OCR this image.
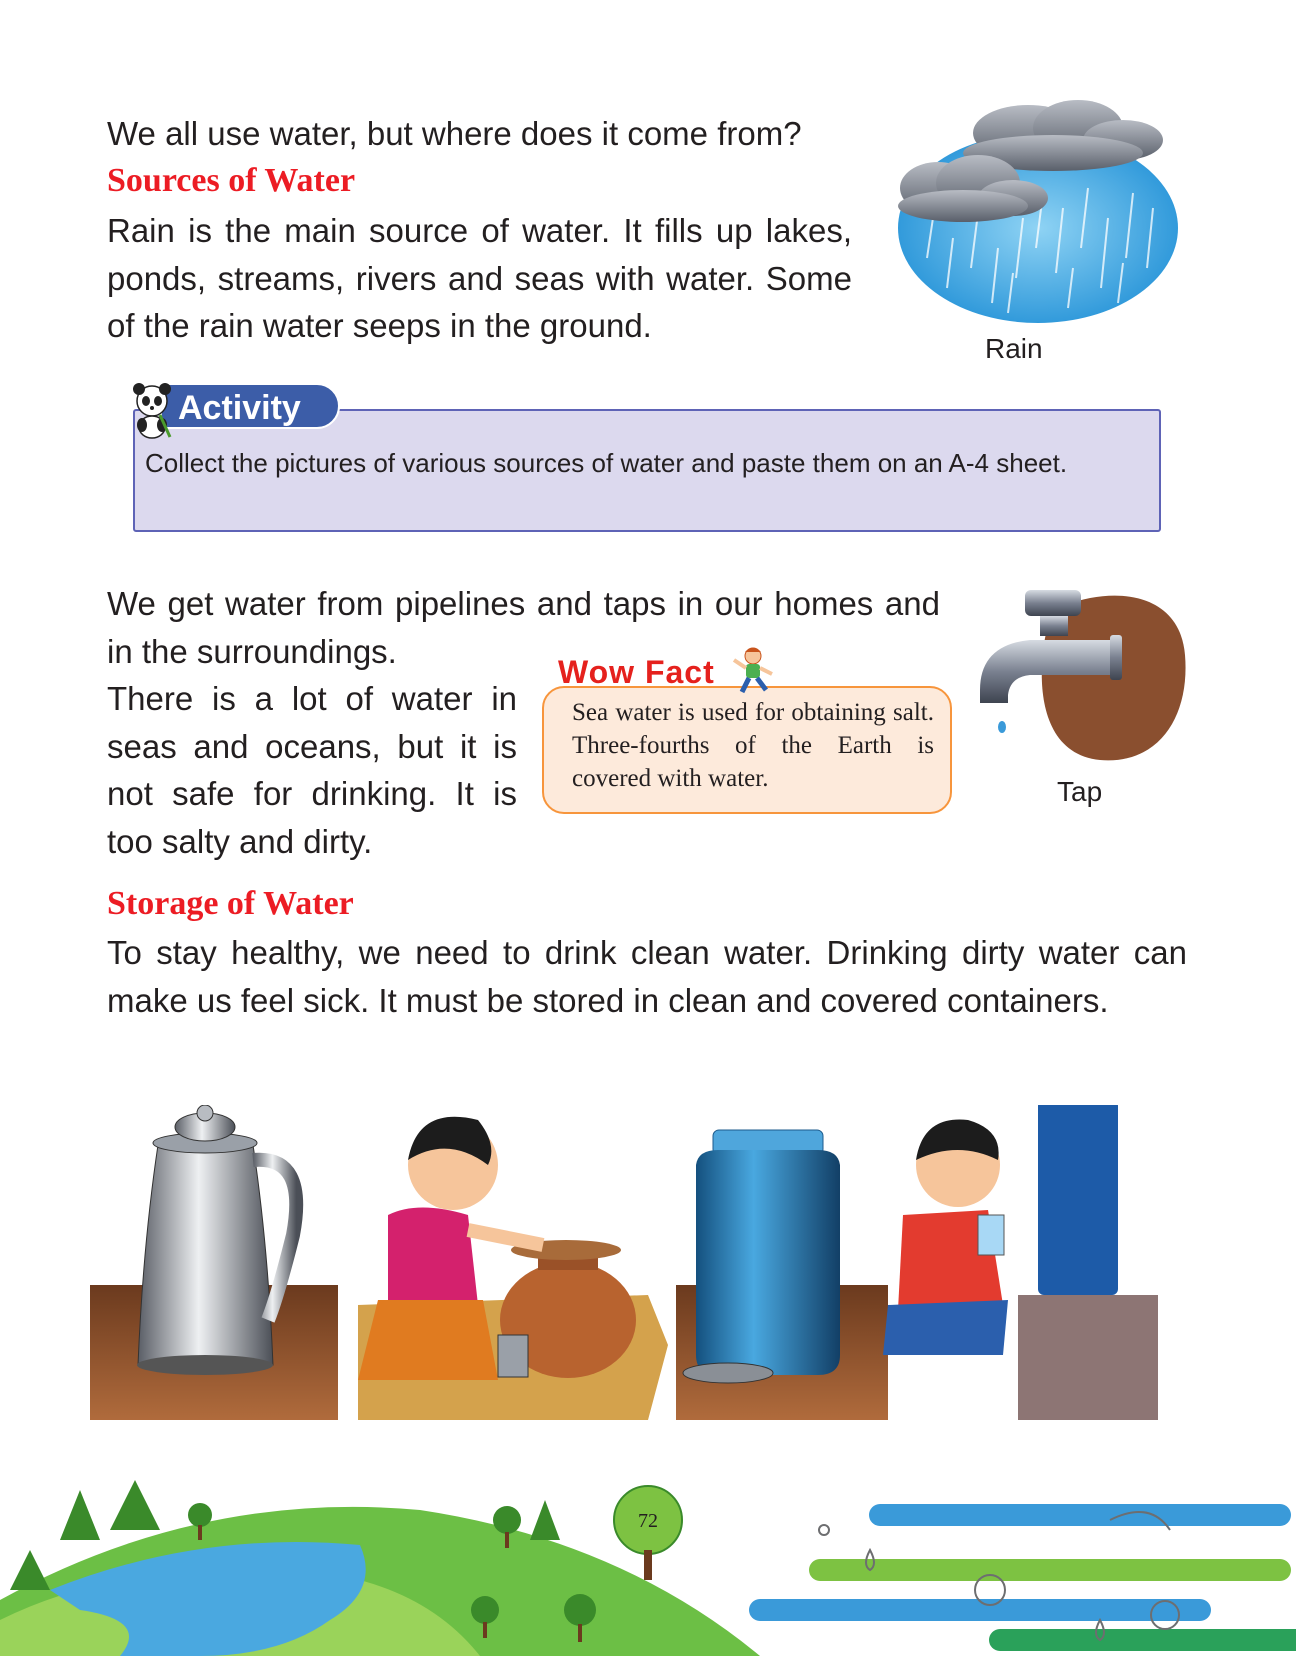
We all use water, but where does it come from?

Sources of Water

Rain is the main source of water. It fills up lakes, ponds, streams, rivers and seas with water. Some of the rain water seeps in the ground.

Rain

Collect the pictures of various sources of water and paste them on an A-4 sheet.

Activity

We get water from pipelines and taps in our homes and in the surroundings.

There is a lot of water in seas and oceans, but it is not safe for drinking. It is too salty and dirty.

Sea water is used for obtaining salt. Three-fourths of the Earth is covered with water.

Wow Fact
Tap
Storage of Water

To stay healthy, we need to drink clean water. Drinking dirty water can make us feel sick. It must be stored in clean and covered containers.

72
